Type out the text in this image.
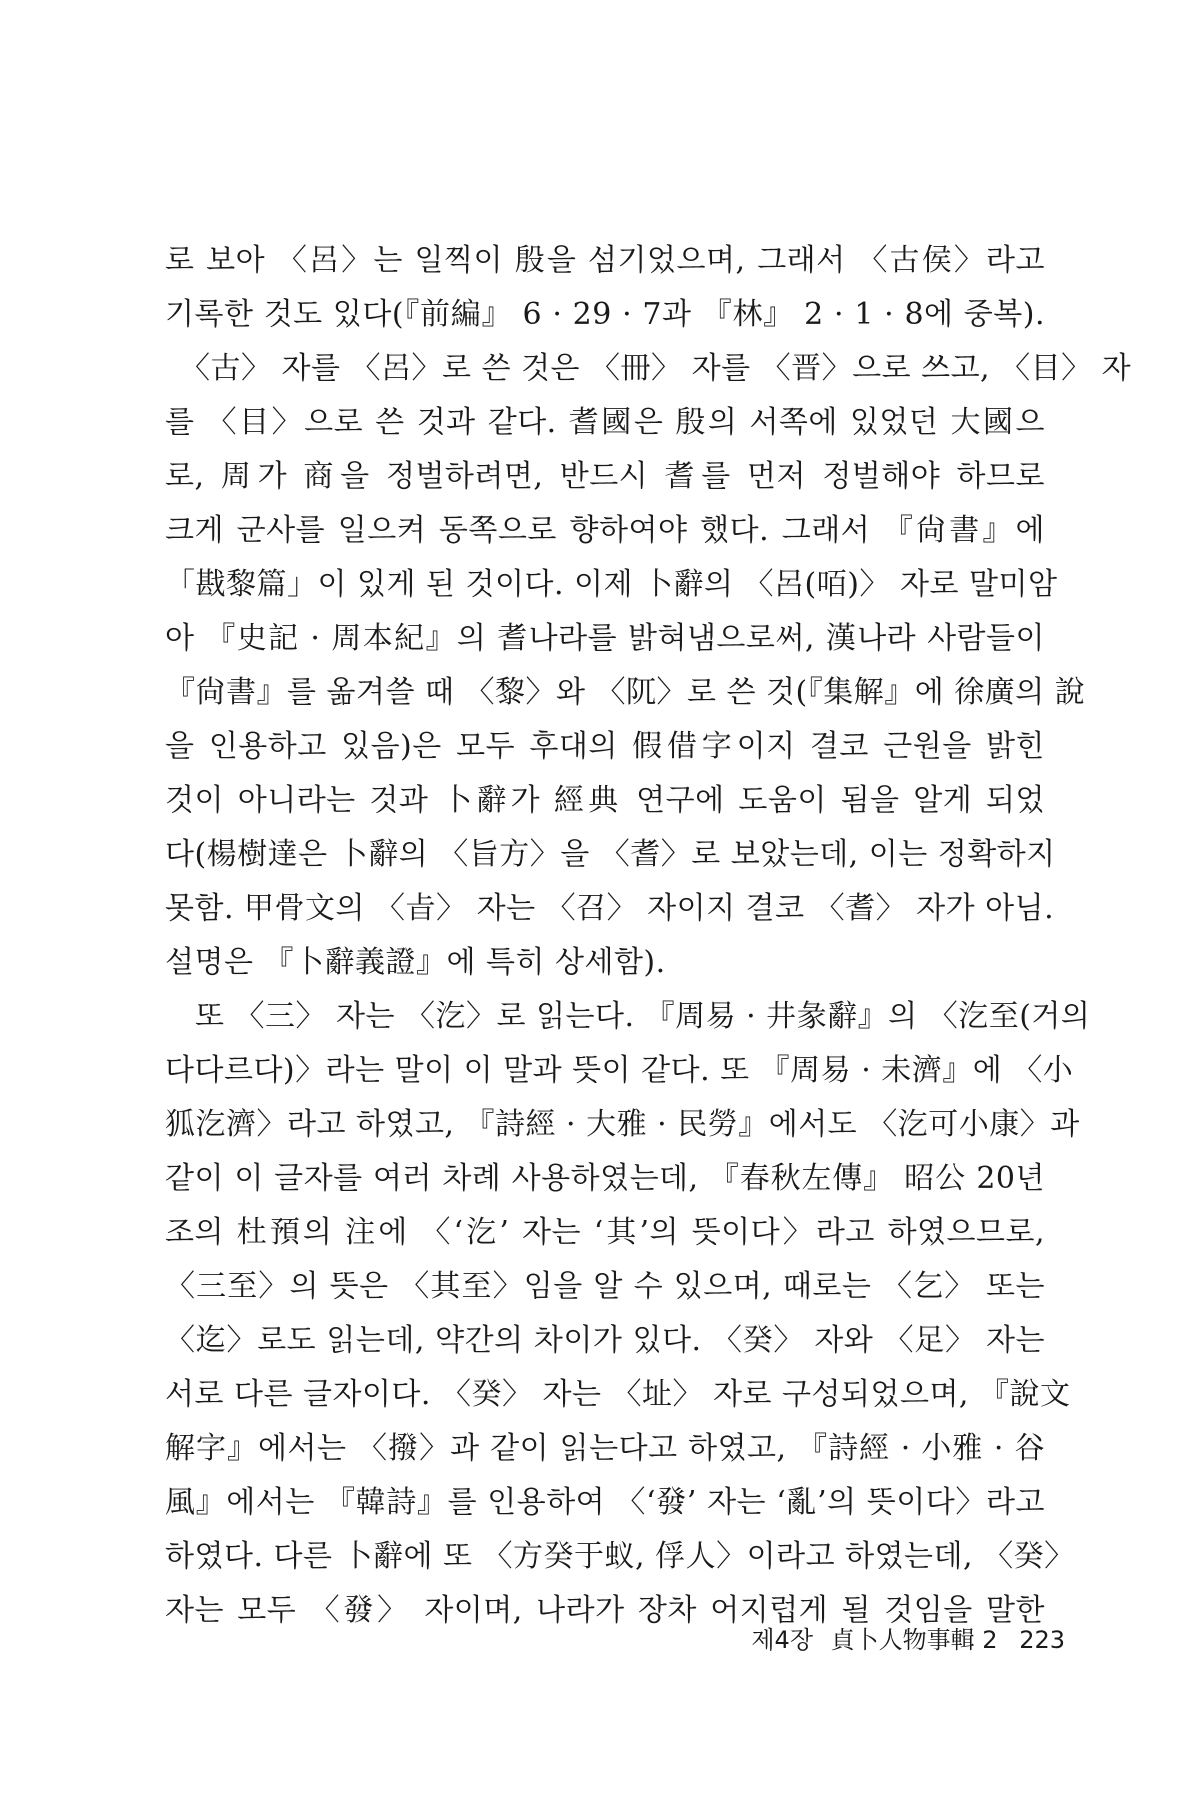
로 보아 〈呂〉는 일찍이 殷을 섬기었으며, 그래서 〈古侯〉라고
기록한 것도 있다(『前編』 6 · 29 · 7과 『林』 2 · 1 · 8에 중복).
〈古〉 자를 〈呂〉로 쓴 것은 〈冊〉 자를 〈晋〉으로 쓰고, 〈目〉 자
를 〈目〉으로 쓴 것과 같다. 耆國은 殷의 서쪽에 있었던 大國으
로, 周가 商을 정벌하려면, 반드시 耆를 먼저 정벌해야 하므로
크게 군사를 일으켜 동쪽으로 향하여야 했다. 그래서 『尙書』에
「戡黎篇」이 있게 된 것이다. 이제 卜辭의 〈呂(咟)〉 자로 말미암
아 『史記 · 周本紀』의 耆나라를 밝혀냄으로써, 漢나라 사람들이
『尙書』를 옮겨쓸 때 〈黎〉와 〈阢〉로 쓴 것(『集解』에 徐廣의 說
을 인용하고 있음)은 모두 후대의 假借字이지 결코 근원을 밝힌
것이 아니라는 것과 卜辭가 經典 연구에 도움이 됨을 알게 되었
다(楊樹達은 卜辭의 〈旨方〉을 〈耆〉로 보았는데, 이는 정확하지
못함. 甲骨文의 〈㫖〉 자는 〈召〉 자이지 결코 〈耆〉 자가 아님.
설명은 『卜辭義證』에 특히 상세함).
또 〈三〉 자는 〈汔〉로 읽는다. 『周易 · 井彖辭』의 〈汔至(거의
다다르다)〉라는 말이 이 말과 뜻이 같다. 또 『周易 · 未濟』에 〈小
狐汔濟〉라고 하였고, 『詩經 · 大雅 · 民勞』에서도 〈汔可小康〉과
같이 이 글자를 여러 차례 사용하였는데, 『春秋左傳』 昭公 20년
조의 杜預의 注에 〈‘汔’ 자는 ‘其’의 뜻이다〉라고 하였으므로,
〈三至〉의 뜻은 〈其至〉임을 알 수 있으며, 때로는 〈乞〉 또는
〈迄〉로도 읽는데, 약간의 차이가 있다. 〈癸〉 자와 〈足〉 자는
서로 다른 글자이다. 〈癸〉 자는 〈址〉 자로 구성되었으며, 『說文
解字』에서는 〈撥〉과 같이 읽는다고 하였고, 『詩經 · 小雅 · 谷
風』에서는 『韓詩』를 인용하여 〈‘發’ 자는 ‘亂’의 뜻이다〉라고
하였다. 다른 卜辭에 또 〈方癸于蚁, 俘人〉이라고 하였는데, 〈癸〉
자는 모두 〈發〉 자이며, 나라가 장차 어지럽게 될 것임을 말한
제4장 貞卜人物事輯 2 223
